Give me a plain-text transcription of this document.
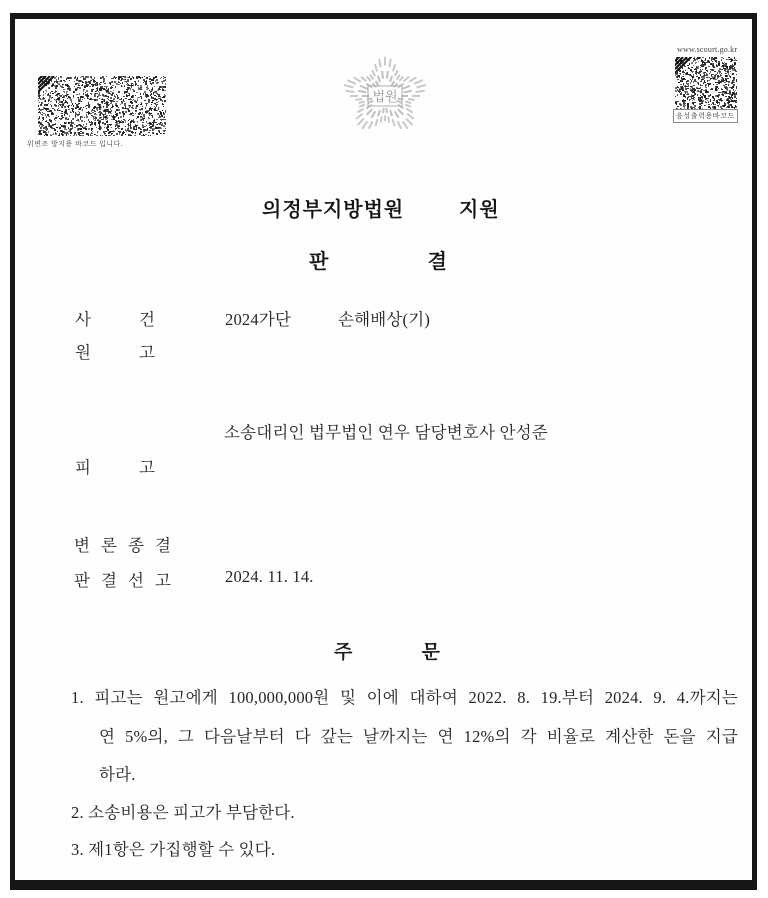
위변조 방지용 바코드 입니다.
법원
www.scourt.go.kr
음성출력용바코드
의정부지방법원	지원
판 결
사 건	2024가단	손해배상(기)
원 고
소송대리인 법무법인 연우 담당변호사 안성준
피 고
변 론 종 결
판 결 선 고	2024. 11. 14.
주 문
1. 피고는 원고에게 100,000,000원 및 이에 대하여 2022. 8. 19.부터 2024. 9. 4.까지는
연 5%의, 그 다음날부터 다 갚는 날까지는 연 12%의 각 비율로 계산한 돈을 지급
하라.
2. 소송비용은 피고가 부담한다.
3. 제1항은 가집행할 수 있다.
